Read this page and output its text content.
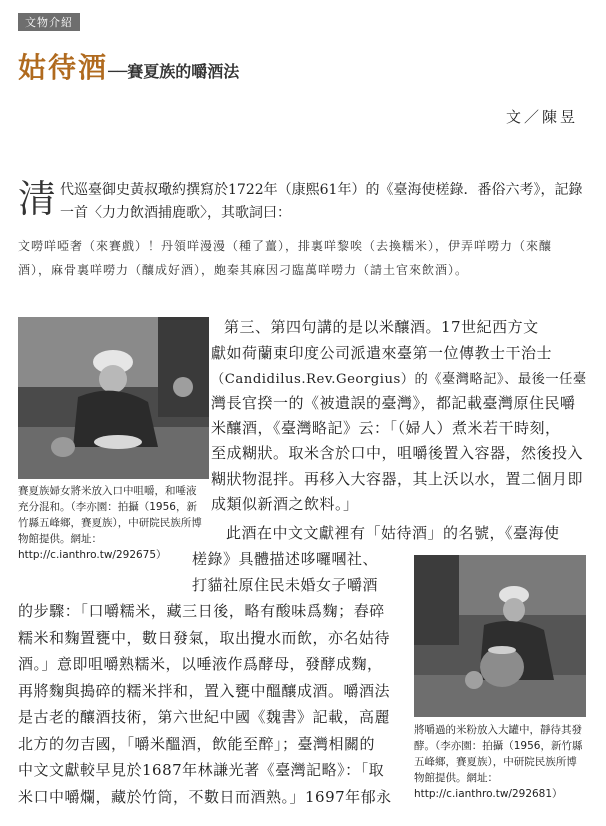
文物介紹
姑待酒──賽夏族的嚼酒法
文／陳昱
清代巡臺御史黃叔璥約撰寫於1722年（康熙61年）的《臺海使槎錄．番俗六考》，記錄一首〈力力飲酒捕鹿歌〉，其歌詞曰：
文嘮咩啞奢（來賽戲）！丹領咩漫漫（種了薑），排裏咩黎唉（去換糯米），伊弄咩嘮力（來釀酒），麻骨裏咩嘮力（釀成好酒），皰秦其麻因刁臨萬咩嘮力（請土官來飲酒）。
賽夏族婦女將米放入口中咀嚼，和唾液充分混和。（李亦園：拍攝（1956，新竹縣五峰鄉，賽夏族），中研院民族所博物館提供。網址：http://c.ianthro.tw/292675）
將嚼過的米粉放入大罐中，靜待其發酵。（李亦園：拍攝（1956，新竹縣五峰鄉，賽夏族），中研院民族所博物館提供。網址：http://c.ianthro.tw/292681）
第三、第四句講的是以米釀酒。17世紀西方文
獻如荷蘭東印度公司派遣來臺第一位傳教士干治士
（Candidilus.Rev.Georgius）的《臺灣略記》、最後一任臺
灣長官揆一的《被遺誤的臺灣》，都記載臺灣原住民嚼
米釀酒，《臺灣略記》云：「（婦人）煮米若干時刻，
至成糊狀。取米含於口中，咀嚼後置入容器，然後投入
糊狀物混拌。再移入大容器，其上沃以水，置二個月即
成類似新酒之飲料。」
此酒在中文文獻裡有「姑待酒」的名號，《臺海使
槎錄》具體描述哆囉嘓社、
打貓社原住民未婚女子嚼酒
的步驟：「口嚼糯米，藏三日後，略有酸味爲麴；舂碎
糯米和麴置甕中，數日發氣，取出攪水而飲，亦名姑待
酒。」意即咀嚼熟糯米，以唾液作爲酵母，發酵成麴，
再將麴與搗碎的糯米拌和，置入甕中醞釀成酒。嚼酒法
是古老的釀酒技術，第六世紀中國《魏書》記載，高麗
北方的勿吉國，「嚼米醞酒，飲能至醉」；臺灣相關的
中文文獻較早見於1687年林謙光著《臺灣記略》：「取
米口中嚼爛，藏於竹筒，不數日而酒熟。」1697年郁永
